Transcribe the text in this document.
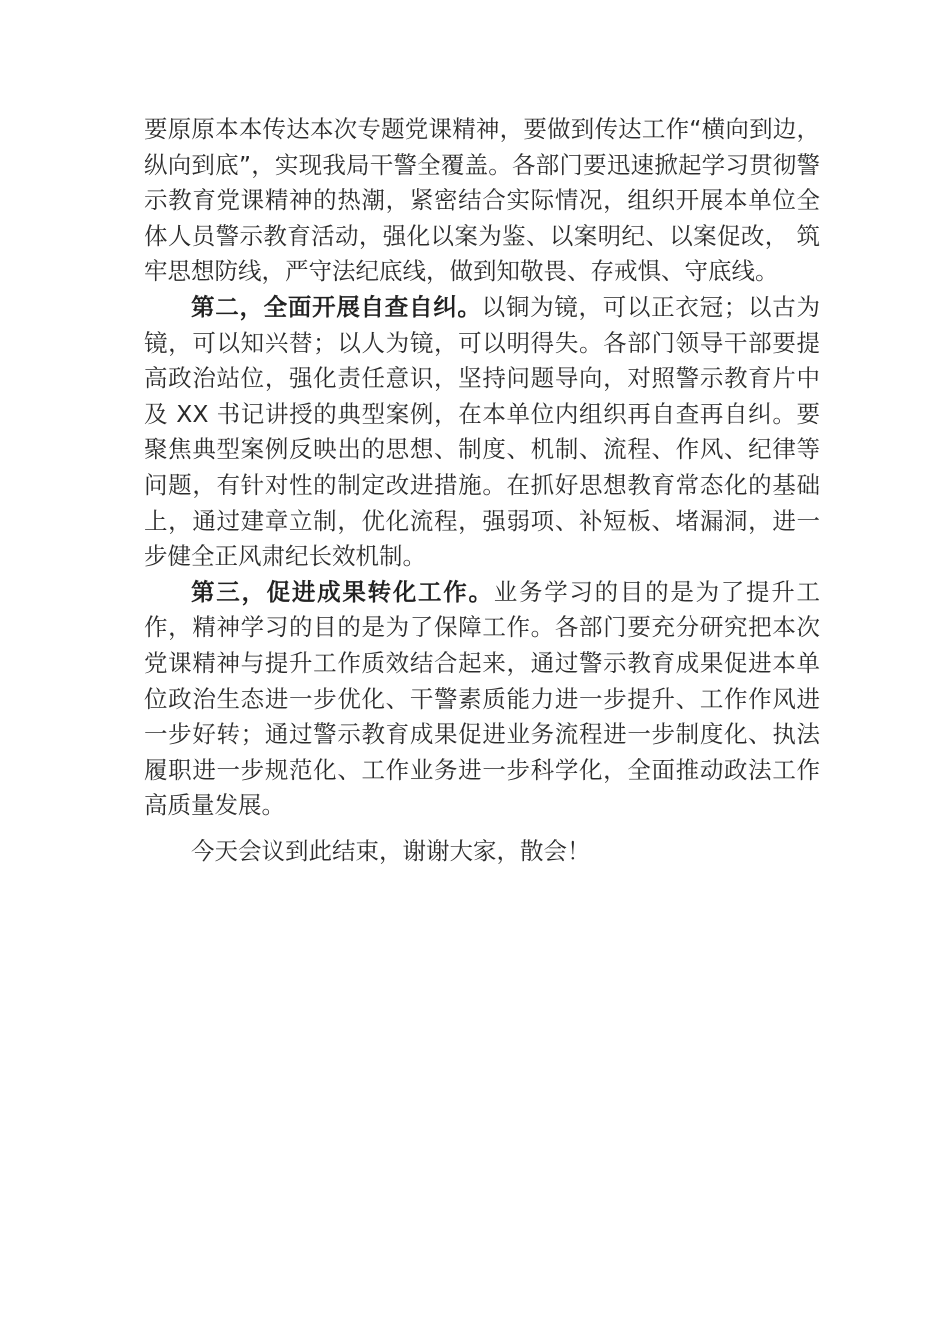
要原原本本传达本次专题党课精神，要做到传达工作“横向到边，纵向到底”，实现我局干警全覆盖。各部门要迅速掀起学习贯彻警示教育党课精神的热潮，紧密结合实际情况，组织开展本单位全体人员警示教育活动，强化以案为鉴、以案明纪、以案促改， 筑牢思想防线，严守法纪底线，做到知敬畏、存戒惧、守底线。

第二，全面开展自查自纠。以铜为镜，可以正衣冠；以古为镜，可以知兴替；以人为镜，可以明得失。各部门领导干部要提高政治站位，强化责任意识，坚持问题导向，对照警示教育片中及 XX 书记讲授的典型案例，在本单位内组织再自查再自纠。要聚焦典型案例反映出的思想、制度、机制、流程、作风、纪律等问题，有针对性的制定改进措施。在抓好思想教育常态化的基础上，通过建章立制，优化流程，强弱项、补短板、堵漏洞，进一步健全正风肃纪长效机制。

第三，促进成果转化工作。业务学习的目的是为了提升工作，精神学习的目的是为了保障工作。各部门要充分研究把本次党课精神与提升工作质效结合起来，通过警示教育成果促进本单位政治生态进一步优化、干警素质能力进一步提升、工作作风进一步好转；通过警示教育成果促进业务流程进一步制度化、执法履职进一步规范化、工作业务进一步科学化，全面推动政法工作高质量发展。

今天会议到此结束，谢谢大家，散会！
